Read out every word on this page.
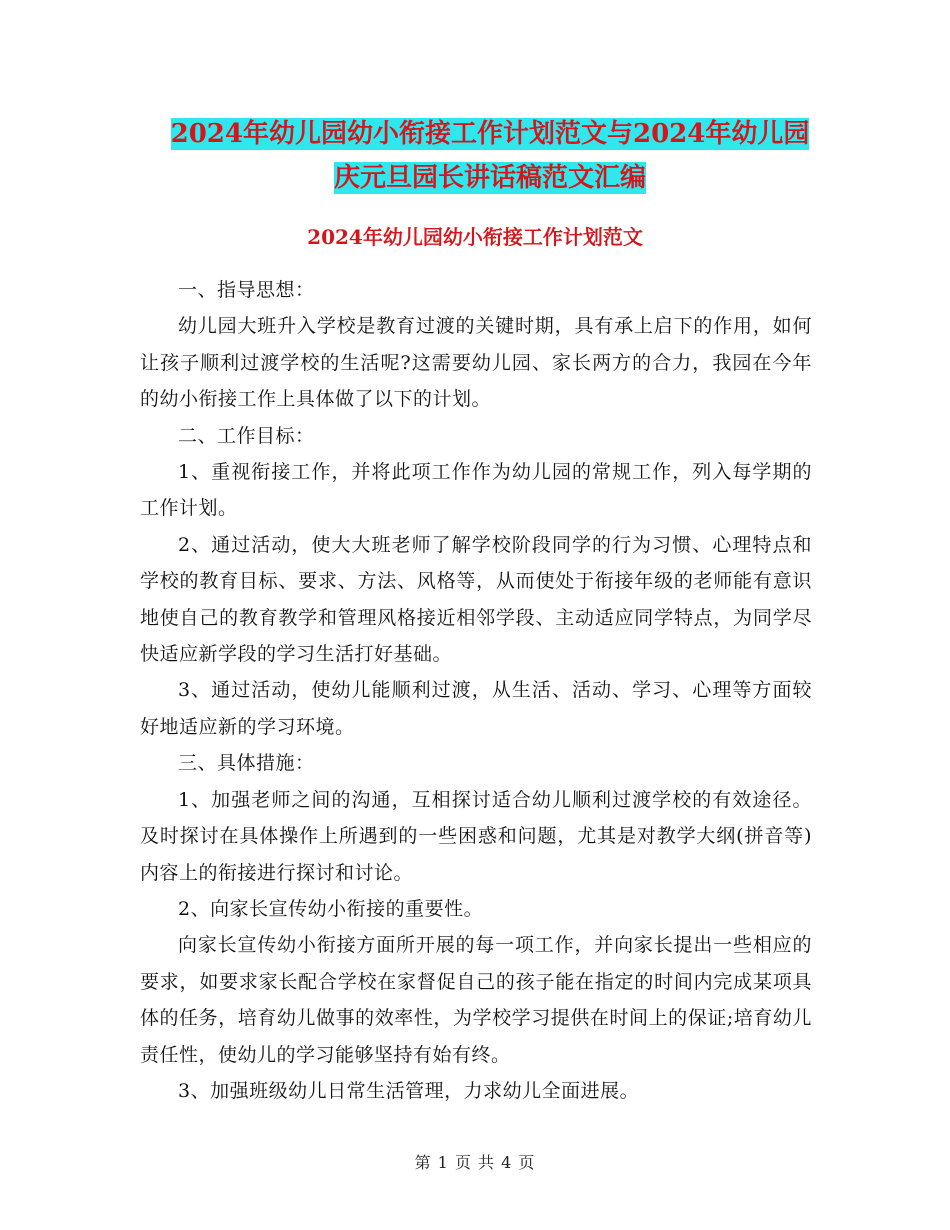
2024年幼儿园幼小衔接工作计划范文与2024年幼儿园
庆元旦园长讲话稿范文汇编
2024年幼儿园幼小衔接工作计划范文

一、指导思想：

幼儿园大班升入学校是教育过渡的关键时期，具有承上启下的作用，如何让孩子顺利过渡学校的生活呢?这需要幼儿园、家长两方的合力，我园在今年的幼小衔接工作上具体做了以下的计划。

二、工作目标：

1、重视衔接工作，并将此项工作作为幼儿园的常规工作，列入每学期的工作计划。

2、通过活动，使大大班老师了解学校阶段同学的行为习惯、心理特点和学校的教育目标、要求、方法、风格等，从而使处于衔接年级的老师能有意识地使自己的教育教学和管理风格接近相邻学段、主动适应同学特点，为同学尽快适应新学段的学习生活打好基础。

3、通过活动，使幼儿能顺利过渡，从生活、活动、学习、心理等方面较好地适应新的学习环境。

三、具体措施：

1、加强老师之间的沟通，互相探讨适合幼儿顺利过渡学校的有效途径。及时探讨在具体操作上所遇到的一些困惑和问题，尤其是对教学大纲(拼音等)内容上的衔接进行探讨和讨论。

2、向家长宣传幼小衔接的重要性。

向家长宣传幼小衔接方面所开展的每一项工作，并向家长提出一些相应的要求，如要求家长配合学校在家督促自己的孩子能在指定的时间内完成某项具体的任务，培育幼儿做事的效率性，为学校学习提供在时间上的保证;培育幼儿责任性，使幼儿的学习能够坚持有始有终。

3、加强班级幼儿日常生活管理，力求幼儿全面进展。

第 1 页 共 4 页
